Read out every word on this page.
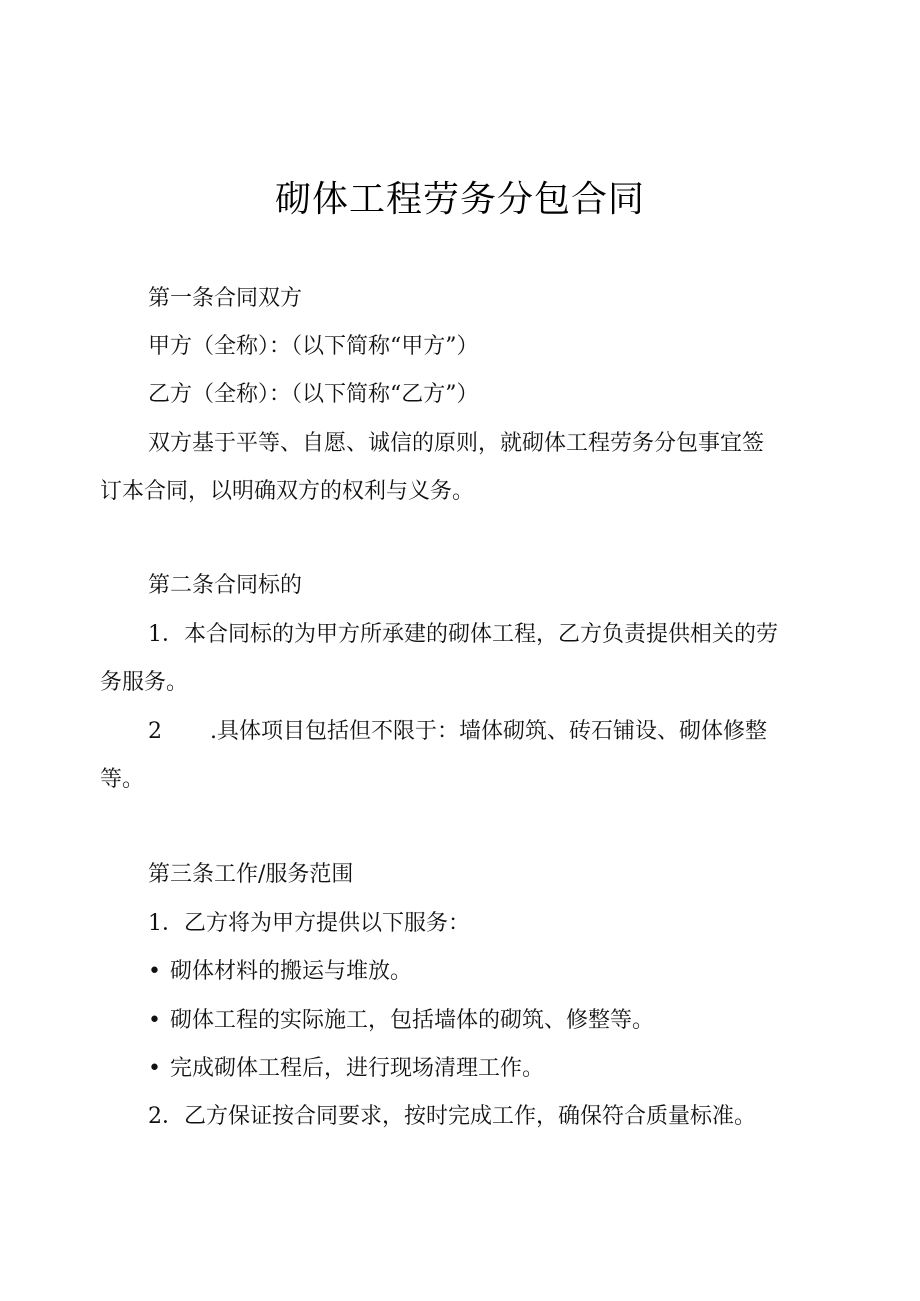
砌体工程劳务分包合同

第一条合同双方

甲方（全称）：（以下简称“甲方”）

乙方（全称）：（以下简称“乙方”）

双方基于平等、自愿、诚信的原则，就砌体工程劳务分包事宜签

订本合同，以明确双方的权利与义务。

第二条合同标的

1．本合同标的为甲方所承建的砌体工程，乙方负责提供相关的劳

务服务。

2 .具体项目包括但不限于：墙体砌筑、砖石铺设、砌体修整

等。

第三条工作/服务范围

1．乙方将为甲方提供以下服务：

• 砌体材料的搬运与堆放。

• 砌体工程的实际施工，包括墙体的砌筑、修整等。

• 完成砌体工程后，进行现场清理工作。

2．乙方保证按合同要求，按时完成工作，确保符合质量标准。
